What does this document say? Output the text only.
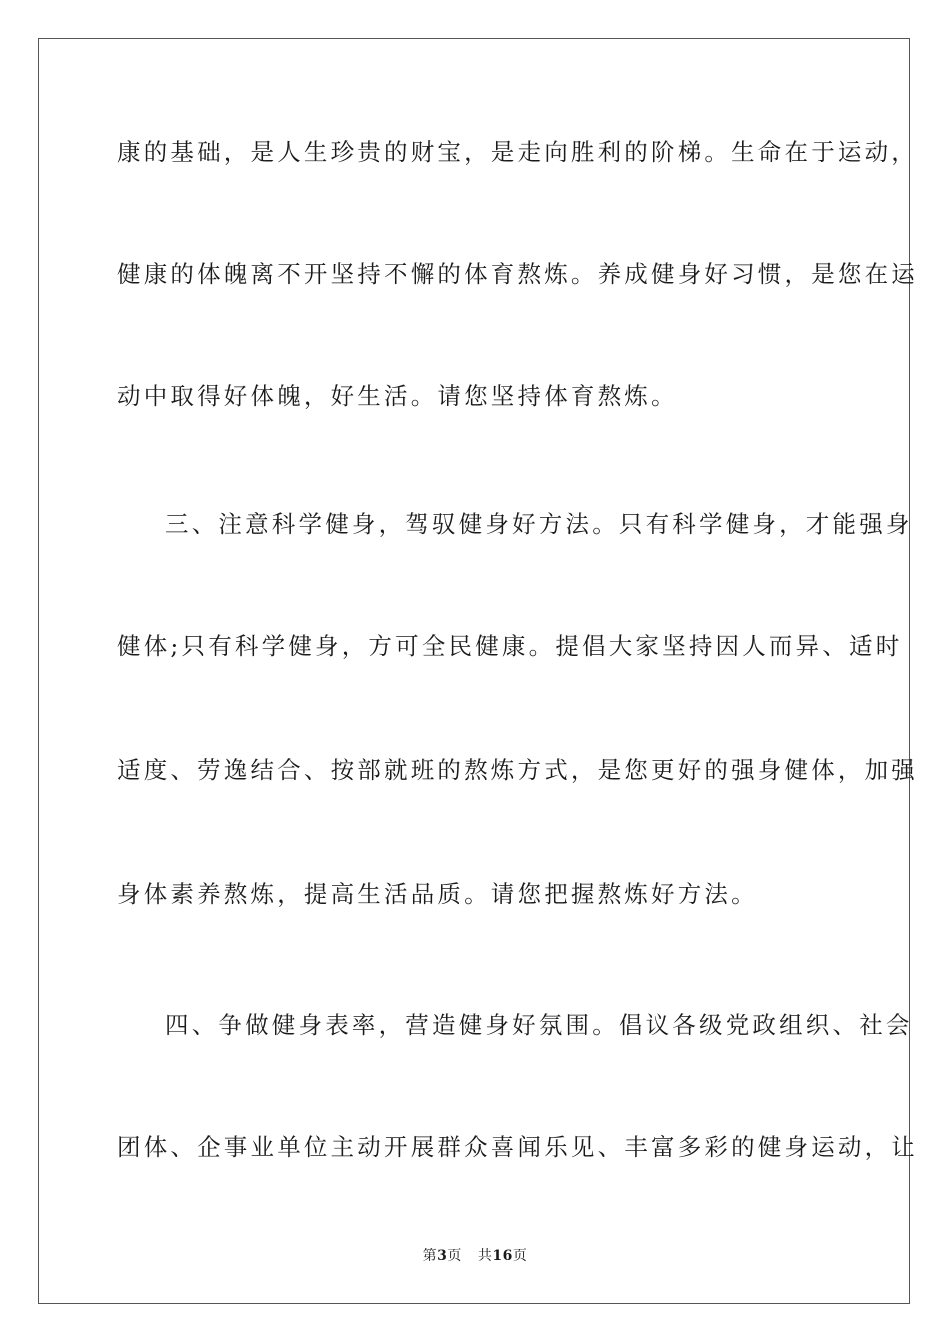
康的基础，是人生珍贵的财宝，是走向胜利的阶梯。生命在于运动，
健康的体魄离不开坚持不懈的体育熬炼。养成健身好习惯，是您在运
动中取得好体魄，好生活。请您坚持体育熬炼。
三、注意科学健身，驾驭健身好方法。只有科学健身，才能强身
健体;只有科学健身，方可全民健康。提倡大家坚持因人而异、适时
适度、劳逸结合、按部就班的熬炼方式，是您更好的强身健体，加强
身体素养熬炼，提高生活品质。请您把握熬炼好方法。
四、争做健身表率，营造健身好氛围。倡议各级党政组织、社会
团体、企事业单位主动开展群众喜闻乐见、丰富多彩的健身运动，让
第3页 共16页
